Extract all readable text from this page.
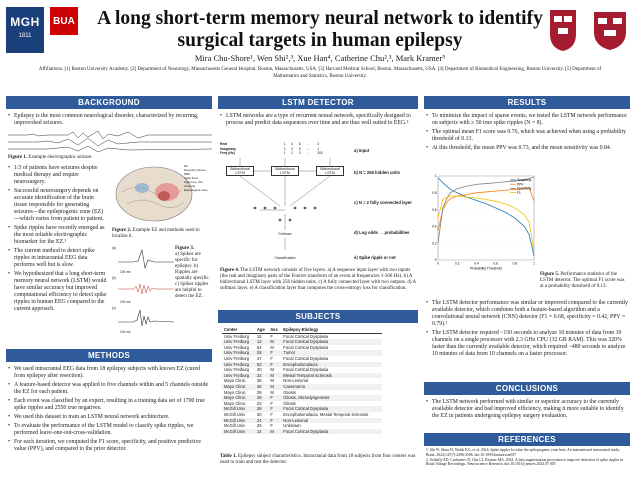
MGH
1811
BUA	A long short-term memory neural network to identify surgical targets in human epilepsy
Mira Chu-Shore¹, Wen Shi²,³, Xue Han⁴, Catherine Chu²,³, Mark Kramer⁵
Affiliations: [1] Boston University Academy. [2] Department of Neurology, Massachusetts General Hospital, Boston, Massachusetts, USA. [3] Harvard Medical School, Boston, Massachusetts, USA. [4] Department of Biomedical Engineering, Boston University. [5] Department of Mathematics and Statistics, Boston University.
BACKGROUND
• Epilepsy is the most common neurological disorder, characterized by recurring, unprovoked seizures.
Figure 1. Example electrographic seizure.
• 1/3 of patients have seizures despite medical therapy and require neurosurgery.
• Successful neurosurgery depends on accurate identification of the brain tissue responsible for generating seizures—the epileptogenic zone (EZ)—which varies from patient to patient.
• Spike ripples have recently emerged as the most reliable electrographic biomarker for the EZ.¹
• The current method to detect spike ripples in intracranial EEG data performs well but is slow.
• We hypothesized that a long short-term memory neural network (LSTM) would have similar accuracy but improved computational efficiency to detect spike ripples in human EEG compared to the current approach.
EZ
Resection (Neuro-MRI)
Spike Zone
High Freq. Osc. (Interest)
Epileptogenic zone
Figure 2. Example EZ and methods used to localize it.
(a)
100 ms
(b)
100 ms
(c)
100 ms
Figure 3.
a) Spikes are specific for epilepsy. b) Ripples are spatially specific. c) Spikes ripples are helpful to detect the EZ.
METHODS
• We used intracranial EEG data from 18 epilepsy subjects with known EZ (cured from epilepsy after resection).
• A feature-based detector was applied to five channels within and 5 channels outside the EZ for each patient.
• Each event was classified by an expert, resulting in a training data set of 1700 true spike ripples and 2550 true negatives.
• We used this dataset to train an LSTM neural network architecture.
• To evaluate the performance of the LSTM model to classify spike ripples, we performed leave-one-out-cross-validation.
• For each iteration, we computed the F1 score, specificity, and positive predictive value (PPV), and compared to the prior detector.
LSTM DETECTOR
• LSTM networks are a type of recurrent neural network, specifically designed to process and predict data sequences over time and are thus well suited to EEG.²
Real	1	4	6	...	2
Imaginary	2	2	5	...	1
Freq (Hz)	1	2	3	...	300
Bidirectional LSTM
Bidirectional LSTM
Bidirectional LSTM
Softmax
Classification
a) Input
b) N = 256 hidden units
c) N = 2 fully connected layer
d) Log odds → probabilities
e) Spike ripple or not
Figure 4. The LSTM network consists of five layers. a) A sequence input layer with two inputs (the real and imaginary parts of the Fourier transform of an event at frequencies 1-300 Hz). b) A bidirectional LSTM layer with 256 hidden units. c) A fully connected layer with two outputs. d) A softmax layer. e) A classification layer that computes the cross-entropy loss for classification.
SUBJECTS
Center	Age	Sex	Epilepsy Etiology
Univ Freiburg	16	F	Focal Cortical Dysplasia
Univ Freiburg	12	M	Focal Cortical Dysplasia
Univ Freiburg	54	M	Focal Cortical Dysplasia
Univ Freiburg	28	F	Tumor
Univ Freiburg	47	F	Focal Cortical Dysplasia
Univ Freiburg	52	F	Encephalomalacia
Univ Freiburg	40	M	Focal Cortical Dysplasia
Univ Freiburg	22	M	Mesial Temporal Sclerosis
Mayo Clinic	38	M	Non-Lesional
Mayo Clinic	46	M	Cavernoma
Mayo Clinic	39	M	Gliosis
Mayo Clinic	26	F	Gliosis, Microdysgenesis
Mayo Clinic	22	F	Gliosis
McGill Univ	28	F	Focal Cortical Dysplasia
McGill Univ	30	F	Encephalomalacia, Mesial Temporal Sclerosis
McGill Univ	24	F	Non-Lesional
McGill Univ	25	F	Unknown
McGill Univ	14	M	Focal Cortical Dysplasia
Table 1. Epilepsy subject characteristics. Intracranial data from 18 subjects from four centers was used to train and test the detector.
RESULTS
• To minimize the impact of sparse events, we tested the LSTM network performance on subjects with ≥ 50 true spike ripples (N = 8).
• The optimal mean F1 score was 0.76, which was achieved when using a probability threshold of 0.13.
• At this threshold, the mean PPV was 0.73, and the mean sensitivity was 0.84.
0
0.2
0.4
0.6
0.8
1
0	0.2	0.4	0.6	0.8	1
Probability Threshold
Sensitivity
PPV
Specificity
F1
Figure 5. Performance statistics of the LSTM detector. The optimal F1 score was at a probability threshold of 0.13.
• The LSTM detector performance was similar or improved compared to the currently available detector, which combines both a feature-based algorithm and a convolutional neural network (CNN) detector (F1 = 0.68, specificity = 0.42, PPV = 0.79).¹
• The LSTM detector required ~150 seconds to analyze 10 minutes of data from 10 channels on a single processor with 2.3 GHz CPU (32 GB RAM). This was 320% faster than the currently available detector, which required ~480 seconds to analyze 10 minutes of data from 10 channels on a faster processor.
CONCLUSIONS
• The LSTM network performed with similar or superior accuracy to the currently available detector and had improved efficiency, making it more suitable to identify the EZ in patients undergoing epilepsy surgery evaluation.
REFERENCES
1. Shi W, Shaw D, Walsh KG, et al. 2024. Spike ripples localize the epileptogenic zone best: An international intracranial study. Brain. 2024;147(7):2496-2506. doi:10.1093/brain/awae037
2. Schlafly ED, Carbonero D, Chu CJ, Kramer MA. 2024. A data augmentation procedure to improve detection of spike ripples in Brain Voltage Recordings. Neuroscience Research. doi:10.1016/j.neures.2024.07.005
